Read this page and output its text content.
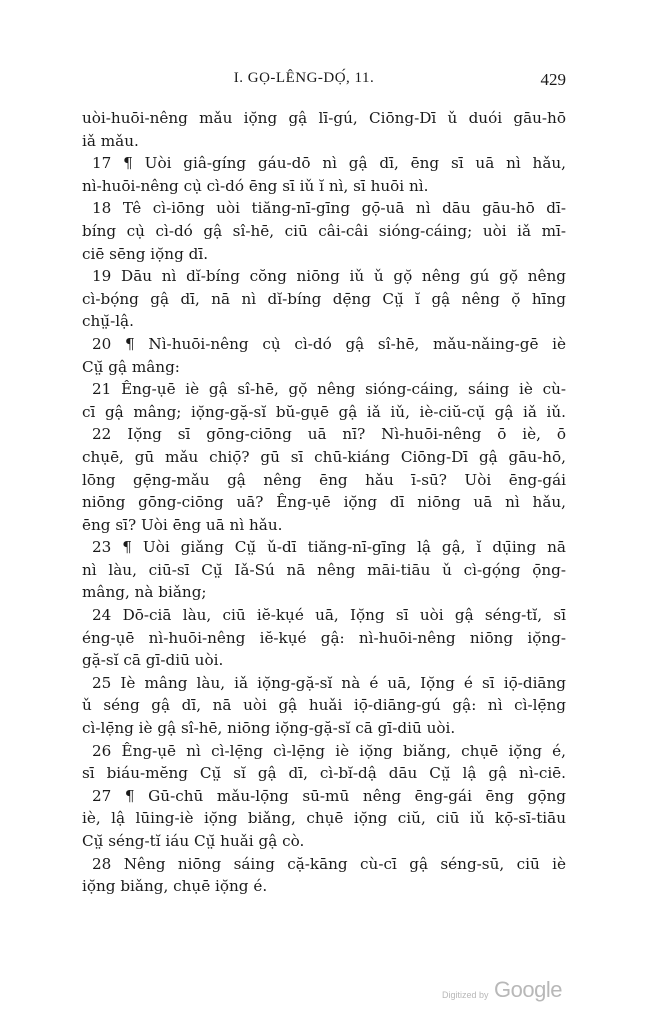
I. GỌ-LÊNG-DỌ́, 11.	429
uòi-huōi-nêng mǎu iọ̆ng gậ lī-gú, Ciōng-Dī ǔ duói gāu-hō
iǎ mǎu.
17 ¶ Uòi giâ-gíng gáu-dō nì gậ dī, ēng sī uā nì hǎu,
nì-huōi-nêng cụ̀ cì-dó ēng sī iǔ ĭ nì, sī huōi nì.
18 Tê cì-iōng uòi tiăng-nī-gīng gọ̄-uā nì dāu gāu-hō dī-
bíng cụ̀ cì-dó gậ sî-hē, ciū câi-câi sióng-cáing; uòi iǎ mī-
ciē sēng iọ̆ng dī.
19 Dāu nì dĭ-bíng cŏng niōng iǔ ǔ gọ̆ nêng gú gọ̆ nêng
cì-bọ́ng gậ dī, nā nì dĭ-bíng dẹ̄ng Cṳ̆ ĭ gậ nêng ọ̆ hīng
chṳ̆-lậ.
20 ¶ Nì-huōi-nêng cụ̀ cì-dó gậ sî-hē, mǎu-nǎing-gē iè
Cṳ̆ gậ mâng:
21 Êng-ụē iè gậ sî-hē, gọ̆ nêng sióng-cáing, sáing iè cù-
cī gậ mâng; iọ̆ng-gặ-sĭ bŭ-gụē gậ iǎ iǔ, iè-ciŭ-cụ̆ gậ iǎ iǔ.
22 Iọ̆ng sī gōng-ciōng uā nī? Nì-huōi-nêng ō iè, ō
chụē, gū mǎu chiọ̄? gū sī chū-kiáng Ciōng-Dī gậ gāu-hō,
lōng gẹ̄ng-mǎu gậ nêng ēng hǎu ī-sū? Uòi ēng-gái
niōng gōng-ciōng uā? Êng-ụē iọ̆ng dī niōng uā nì hǎu,
ēng sī? Uòi ēng uā nì hǎu.
23 ¶ Uòi giǎng Cṳ̆ ǔ-dī tiăng-nī-gīng lậ gậ, ĭ dụ̄ing nā
nì làu, ciū-sī Cṳ̆ Iǎ-Sú nā nêng māi-tiāu ǔ cì-gọ́ng ọ̄ng-
mâng, nà biǎng;
24 Dō-ciā làu, ciū iĕ-kụé uā, Iọ̆ng sī uòi gậ séng-tĭ, sī
éng-ụē nì-huōi-nêng iĕ-kụé gậ: nì-huōi-nêng niōng iọ̆ng-
gặ-sĭ cā gī-diū uòi.
25 Iè mâng làu, iǎ iọ̆ng-gặ-sĭ nà é uā, Iọ̆ng é sī iọ̄-diāng
ǔ séng gậ dī, nā uòi gậ huǎi iọ̄-diāng-gú gậ: nì cì-lẹ̄ng
cì-lẹ̄ng iè gậ sî-hē, niōng iọ̆ng-gặ-sĭ cā gī-diū uòi.
26 Êng-ụē nì cì-lẹ̄ng cì-lẹ̄ng iè iọ̆ng biǎng, chụē iọ̆ng é,
sī biáu-mĕng Cṳ̆ sĭ gậ dī, cì-bĭ-dậ dāu Cṳ̆ lậ gậ nì-ciē.
27 ¶ Gū-chū mǎu-lọ̄ng sū-mū nêng ēng-gái ēng gọ̄ng
iè, lậ lūing-iè iọ̆ng biǎng, chụē iọ̆ng ciŭ, ciū iǔ kọ̄-sī-tiāu
Cṳ̆ séng-tĭ iáu Cṳ̆ huǎi gậ cò.
28 Nêng niōng sáing cặ-kāng cù-cī gậ séng-sū, ciū iè
iọ̆ng biǎng, chụē iọ̆ng é.
Digitized by Google
